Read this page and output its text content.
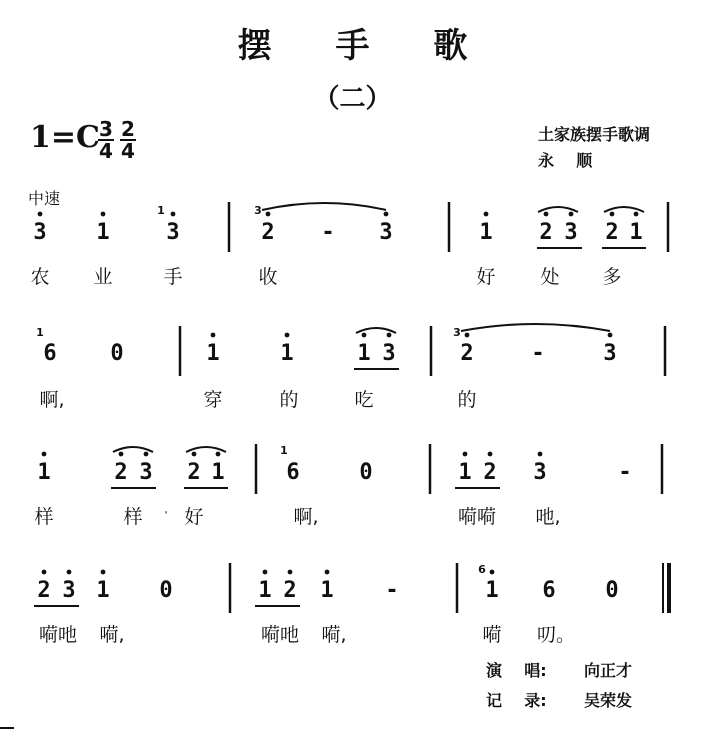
摆 手 歌
（二）
1=C 3
4
2
4
土家族摆手歌调
永    顺
中速
3 1	3
1
2
3
- 3	1 2 3 2 1
农 业	手	收	好 处 多
6
1
0	1	1	1 3	2
3
-	3
啊,	穿	的	吃	的
1	2 3 2 1	6
1
0	1 2 3	-
样	样 · 好	啊,	嗬嗬 吔,
2 3 1 0	1 2 1 -	1
6
6 0
嗬吔 嗬,	嗬吔 嗬,	嗬 叨。
演    唱: 向正才
记    录: 吴荣发
